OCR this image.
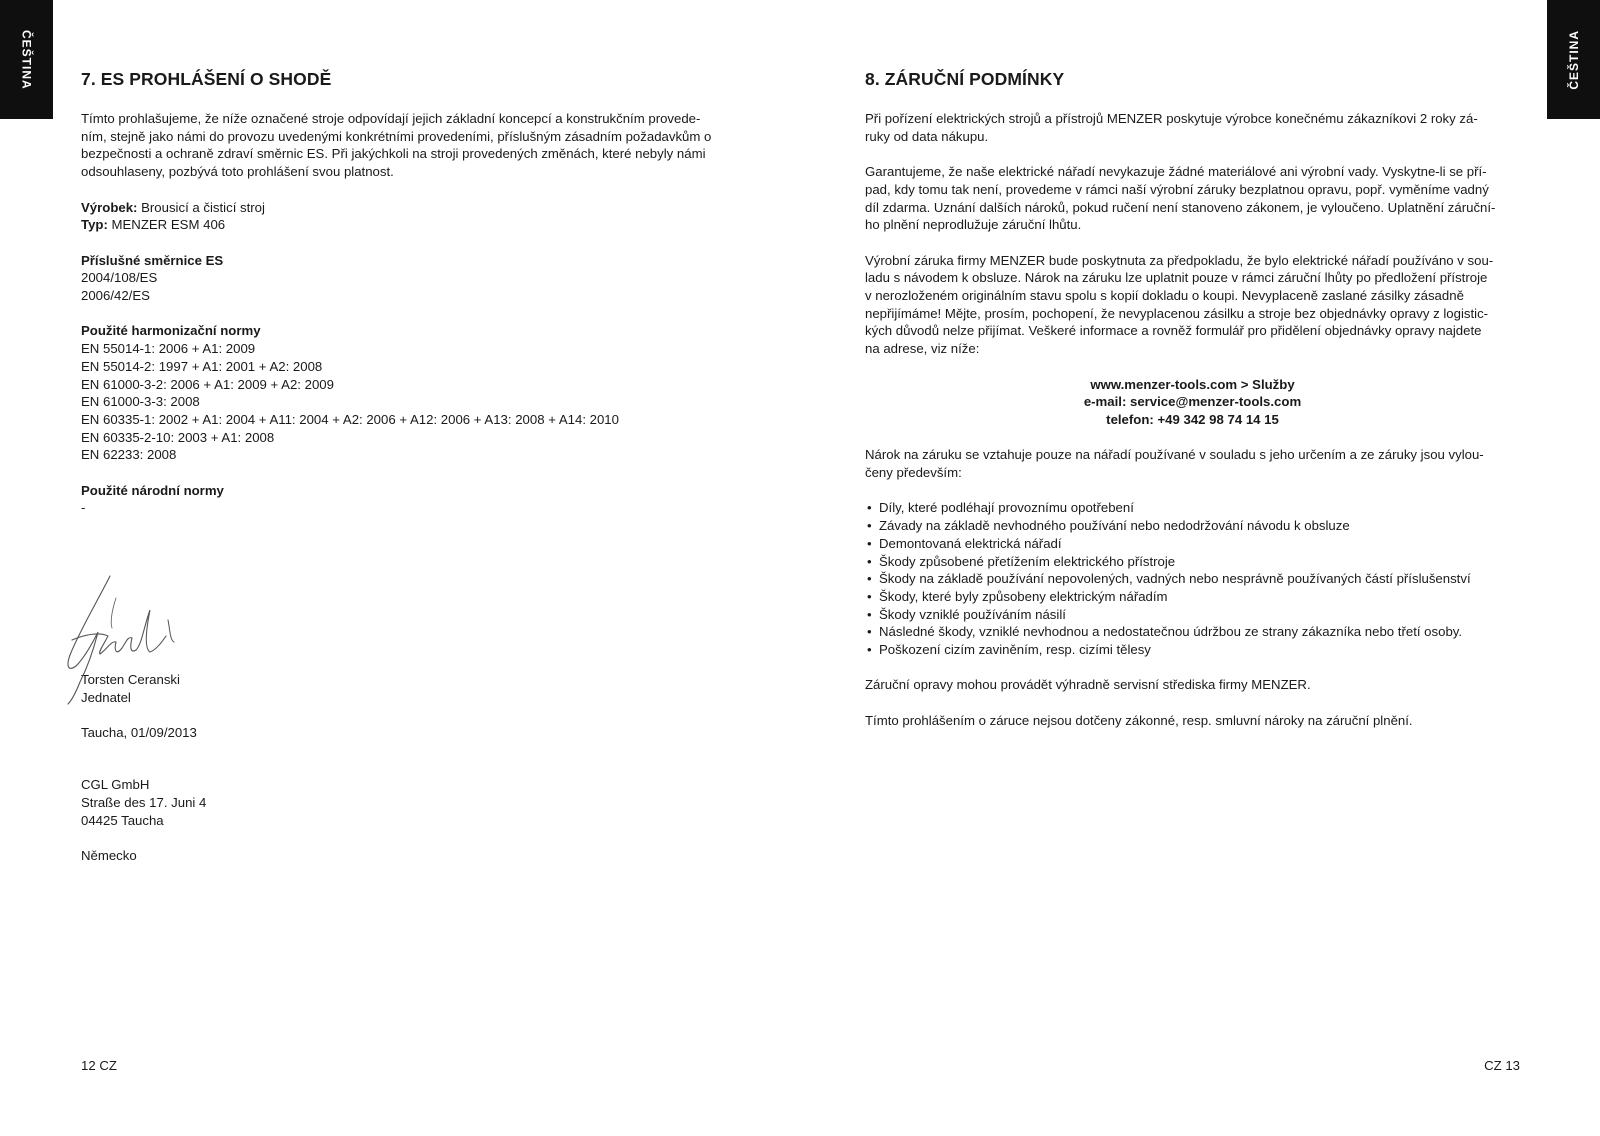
ČEŠTINA	ČEŠTINA
7. ES PROHLÁŠENÍ O SHODĚ
Tímto prohlašujeme, že níže označené stroje odpovídají jejich základní koncepcí a konstrukčním provede-
ním, stejně jako námi do provozu uvedenými konkrétními provedeními, příslušným zásadním požadavkům o
bezpečnosti a ochraně zdraví směrnic ES. Při jakýchkoli na stroji provedených změnách, které nebyly námi
odsouhlaseny, pozbývá toto prohlášení svou platnost.
Výrobek: Brousicí a čisticí stroj
Typ: MENZER ESM 406
Příslušné směrnice ES
2004/108/ES
2006/42/ES
Použité harmonizační normy
EN 55014-1: 2006 + A1: 2009
EN 55014-2: 1997 + A1: 2001 + A2: 2008
EN 61000-3-2: 2006 + A1: 2009 + A2: 2009
EN 61000-3-3: 2008
EN 60335-1: 2002 + A1: 2004 + A11: 2004 + A2: 2006 + A12: 2006 + A13: 2008 + A14: 2010
EN 60335-2-10: 2003 + A1: 2008
EN 62233: 2008
Použité národní normy
-
Torsten Ceranski
Jednatel
Taucha, 01/09/2013
CGL GmbH
Straße des 17. Juni 4
04425 Taucha
Německo
12 CZ
8. ZÁRUČNÍ PODMÍNKY
Při pořízení elektrických strojů a přístrojů MENZER poskytuje výrobce konečnému zákazníkovi 2 roky zá-
ruky od data nákupu.
Garantujeme, že naše elektrické nářadí nevykazuje žádné materiálové ani výrobní vady. Vyskytne-li se pří-
pad, kdy tomu tak není, provedeme v rámci naší výrobní záruky bezplatnou opravu, popř. vyměníme vadný
díl zdarma. Uznání dalších nároků, pokud ručení není stanoveno zákonem, je vyloučeno. Uplatnění záruční-
ho plnění neprodlužuje záruční lhůtu.
Výrobní záruka firmy MENZER bude poskytnuta za předpokladu, že bylo elektrické nářadí používáno v sou-
ladu s návodem k obsluze. Nárok na záruku lze uplatnit pouze v rámci záruční lhůty po předložení přístroje
v nerozloženém originálním stavu spolu s kopií dokladu o koupi. Nevyplaceně zaslané zásilky zásadně
nepřijímáme! Mějte, prosím, pochopení, že nevyplacenou zásilku a stroje bez objednávky opravy z logistic-
kých důvodů nelze přijímat. Veškeré informace a rovněž formulář pro přidělení objednávky opravy najdete
na adrese, viz níže:
www.menzer-tools.com > Služby
e-mail: service@menzer-tools.com
telefon: +49 342 98 74 14 15
Nárok na záruku se vztahuje pouze na nářadí používané v souladu s jeho určením a ze záruky jsou vylou-
čeny především:
• Díly, které podléhají provoznímu opotřebení
• Závady na základě nevhodného používání nebo nedodržování návodu k obsluze
• Demontovaná elektrická nářadí
• Škody způsobené přetížením elektrického přístroje
• Škody na základě používání nepovolených, vadných nebo nesprávně používaných částí příslušenství
• Škody, které byly způsobeny elektrickým nářadím
• Škody vzniklé používáním násilí
• Následné škody, vzniklé nevhodnou a nedostatečnou údržbou ze strany zákazníka nebo třetí osoby.
• Poškození cizím zaviněním, resp. cizími tělesy

Záruční opravy mohou provádět výhradně servisní střediska firmy MENZER.

Tímto prohlášením o záruce nejsou dotčeny zákonné, resp. smluvní nároky na záruční plnění.

CZ 13
